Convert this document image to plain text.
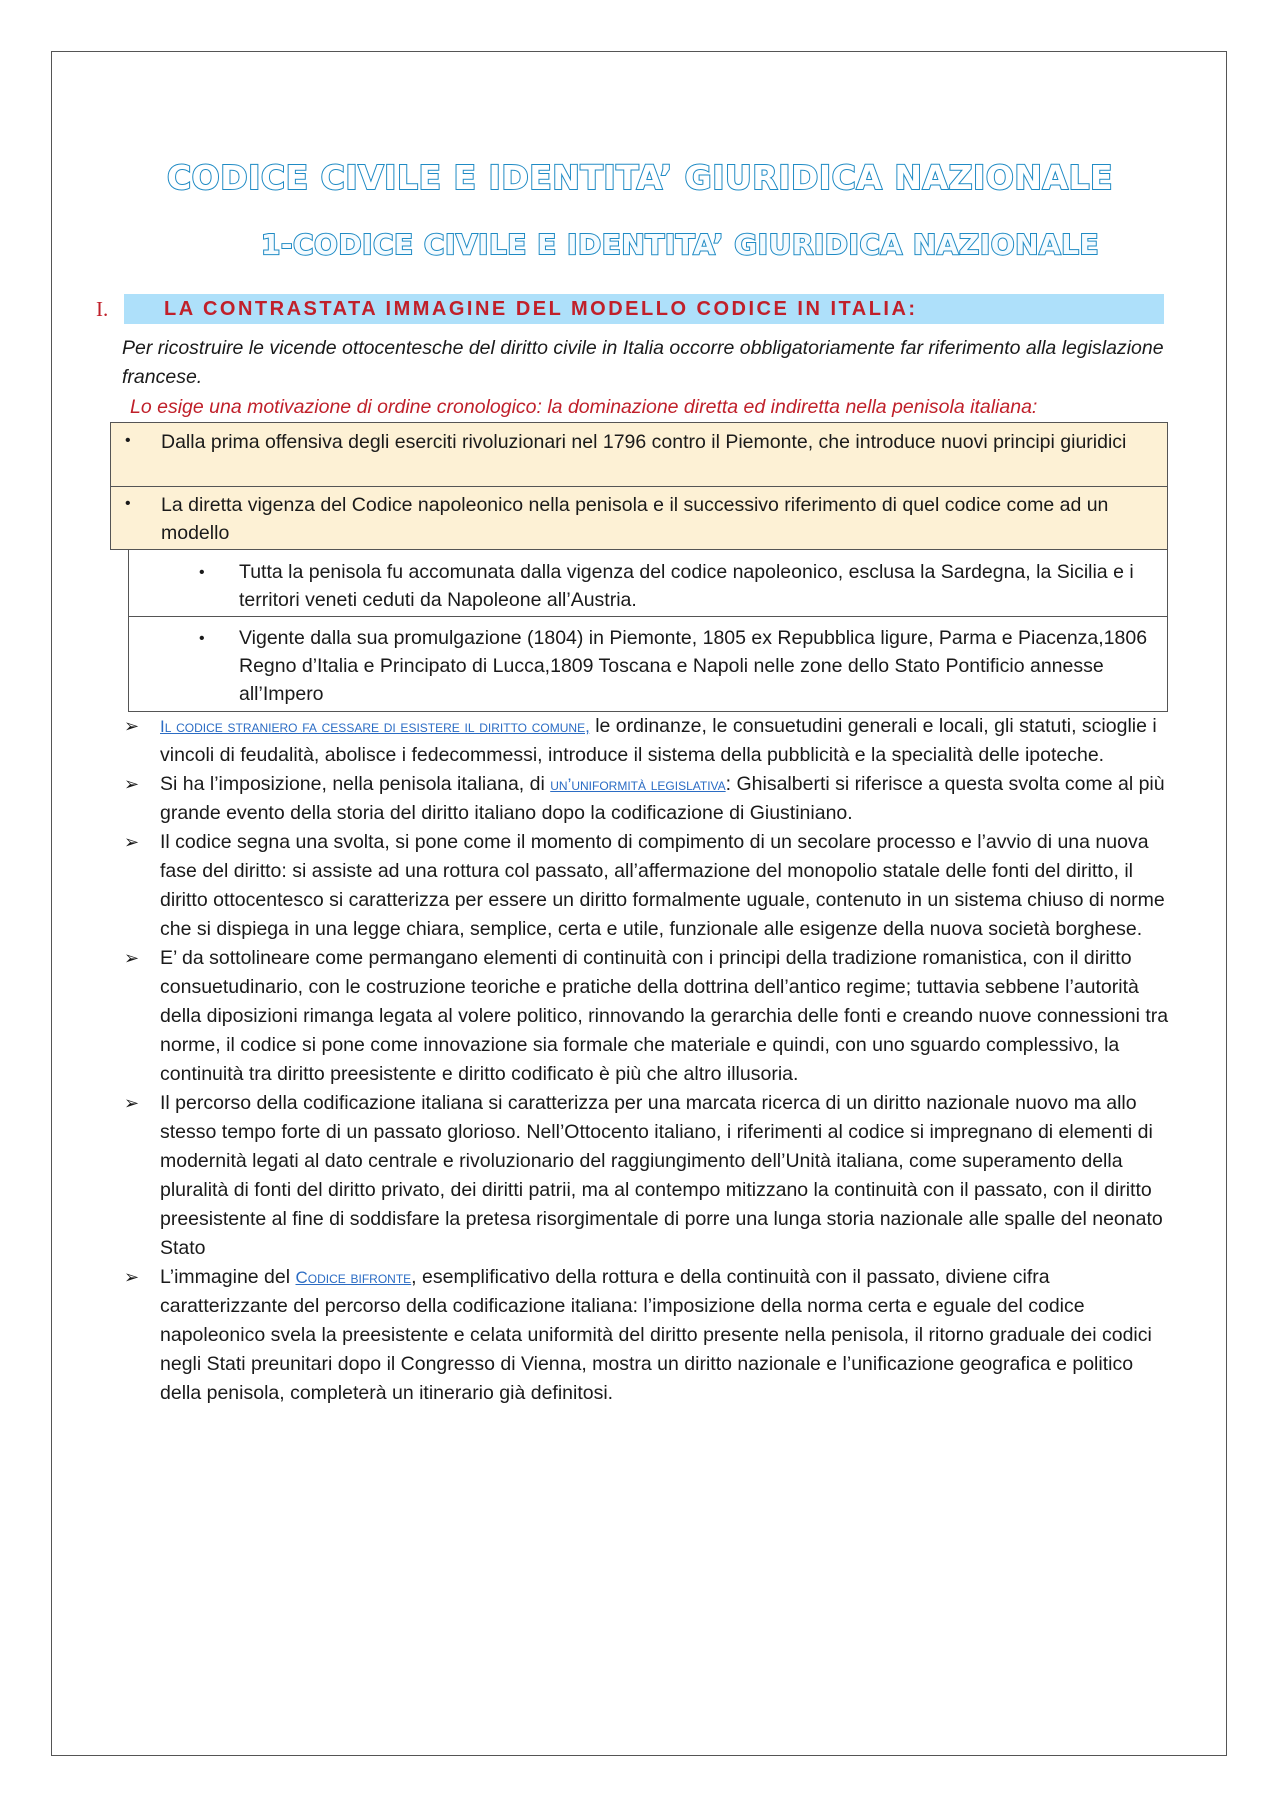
CODICE CIVILE E IDENTITA’ GIURIDICA NAZIONALE
1-CODICE CIVILE E IDENTITA’ GIURIDICA NAZIONALE
I.	LA CONTRASTATA IMMAGINE DEL MODELLO CODICE IN ITALIA:

Per ricostruire le vicende ottocentesche del diritto civile in Italia occorre obbligatoriamente far riferimento alla legislazione francese.

Lo esige una motivazione di ordine cronologico: la dominazione diretta ed indiretta nella penisola italiana:

• Dalla prima offensiva degli eserciti rivoluzionari nel 1796 contro il Piemonte, che introduce nuovi principi giuridici

• La diretta vigenza del Codice napoleonico nella penisola e il successivo riferimento di quel codice come ad un modello

• Tutta la penisola fu accomunata dalla vigenza del codice napoleonico, esclusa la Sardegna, la Sicilia e i territori veneti ceduti da Napoleone all’Austria.

• Vigente dalla sua promulgazione (1804) in Piemonte, 1805 ex Repubblica ligure, Parma e Piacenza,1806 Regno d’Italia e Principato di Lucca,1809 Toscana e Napoli nelle zone dello Stato Pontificio annesse all’Impero

➢ Il codice straniero fa cessare di esistere il diritto comune, le ordinanze, le consuetudini generali e locali, gli statuti, scioglie i vincoli di feudalità, abolisce i fedecommessi, introduce il sistema della pubblicità e la specialità delle ipoteche.
➢ Si ha l’imposizione, nella penisola italiana, di un’uniformità legislativa: Ghisalberti si riferisce a questa svolta come al più grande evento della storia del diritto italiano dopo la codificazione di Giustiniano.
➢ Il codice segna una svolta, si pone come il momento di compimento di un secolare processo e l’avvio di una nuova fase del diritto: si assiste ad una rottura col passato, all’affermazione del monopolio statale delle fonti del diritto, il diritto ottocentesco si caratterizza per essere un diritto formalmente uguale, contenuto in un sistema chiuso di norme che si dispiega in una legge chiara, semplice, certa e utile, funzionale alle esigenze della nuova società borghese.
➢ E’ da sottolineare come permangano elementi di continuità con i principi della tradizione romanistica, con il diritto consuetudinario, con le costruzione teoriche e pratiche della dottrina dell’antico regime; tuttavia sebbene l’autorità della diposizioni rimanga legata al volere politico, rinnovando la gerarchia delle fonti e creando nuove connessioni tra norme, il codice si pone come innovazione sia formale che materiale e quindi, con uno sguardo complessivo, la continuità tra diritto preesistente e diritto codificato è più che altro illusoria.
➢ Il percorso della codificazione italiana si caratterizza per una marcata ricerca di un diritto nazionale nuovo ma allo stesso tempo forte di un passato glorioso. Nell’Ottocento italiano, i riferimenti al codice si impregnano di elementi di modernità legati al dato centrale e rivoluzionario del raggiungimento dell’Unità italiana, come superamento della pluralità di fonti del diritto privato, dei diritti patrii, ma al contempo mitizzano la continuità con il passato, con il diritto preesistente al fine di soddisfare la pretesa risorgimentale di porre una lunga storia nazionale alle spalle del neonato Stato
➢ L’immagine del Codice bifronte, esemplificativo della rottura e della continuità con il passato, diviene cifra caratterizzante del percorso della codificazione italiana: l’imposizione della norma certa e eguale del codice napoleonico svela la preesistente e celata uniformità del diritto presente nella penisola, il ritorno graduale dei codici negli Stati preunitari dopo il Congresso di Vienna, mostra un diritto nazionale e l’unificazione geografica e politico della penisola, completerà un itinerario già definitosi.
